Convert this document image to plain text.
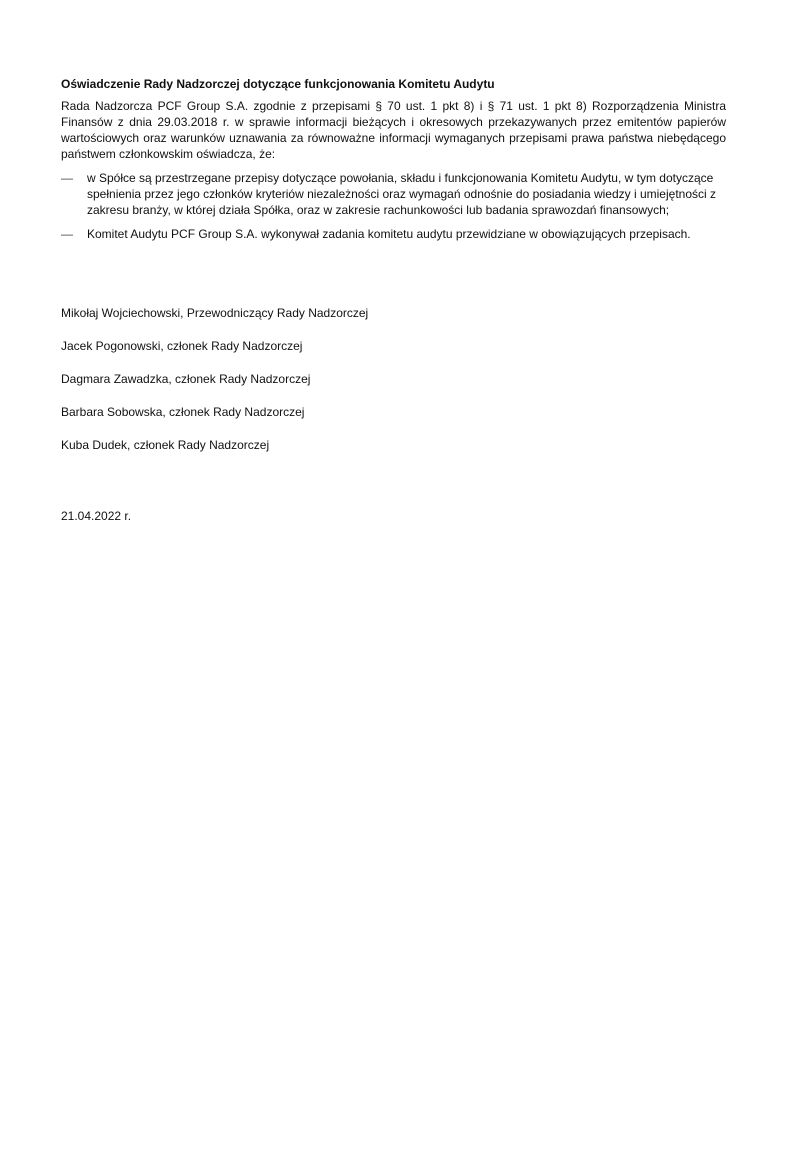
Oświadczenie Rady Nadzorczej dotyczące funkcjonowania Komitetu Audytu

Rada Nadzorcza PCF Group S.A. zgodnie z przepisami § 70 ust. 1 pkt 8) i § 71 ust. 1 pkt 8) Rozporządzenia Ministra Finansów z dnia 29.03.2018 r. w sprawie informacji bieżących i okresowych przekazywanych przez emitentów papierów wartościowych oraz warunków uznawania za równoważne informacji wymaganych przepisami prawa państwa niebędącego państwem członkowskim oświadcza, że:

—	w Spółce są przestrzegane przepisy dotyczące powołania, składu i funkcjonowania Komitetu Audytu, w tym dotyczące spełnienia przez jego członków kryteriów niezależności oraz wymagań odnośnie do posiadania wiedzy i umiejętności z zakresu branży, w której działa Spółka, oraz w zakresie rachunkowości lub badania sprawozdań finansowych;
—	Komitet Audytu PCF Group S.A. wykonywał zadania komitetu audytu przewidziane w obowiązujących przepisach.

Mikołaj Wojciechowski, Przewodniczący Rady Nadzorczej

Jacek Pogonowski, członek Rady Nadzorczej

Dagmara Zawadzka, członek Rady Nadzorczej

Barbara Sobowska, członek Rady Nadzorczej

Kuba Dudek, członek Rady Nadzorczej

21.04.2022 r.
